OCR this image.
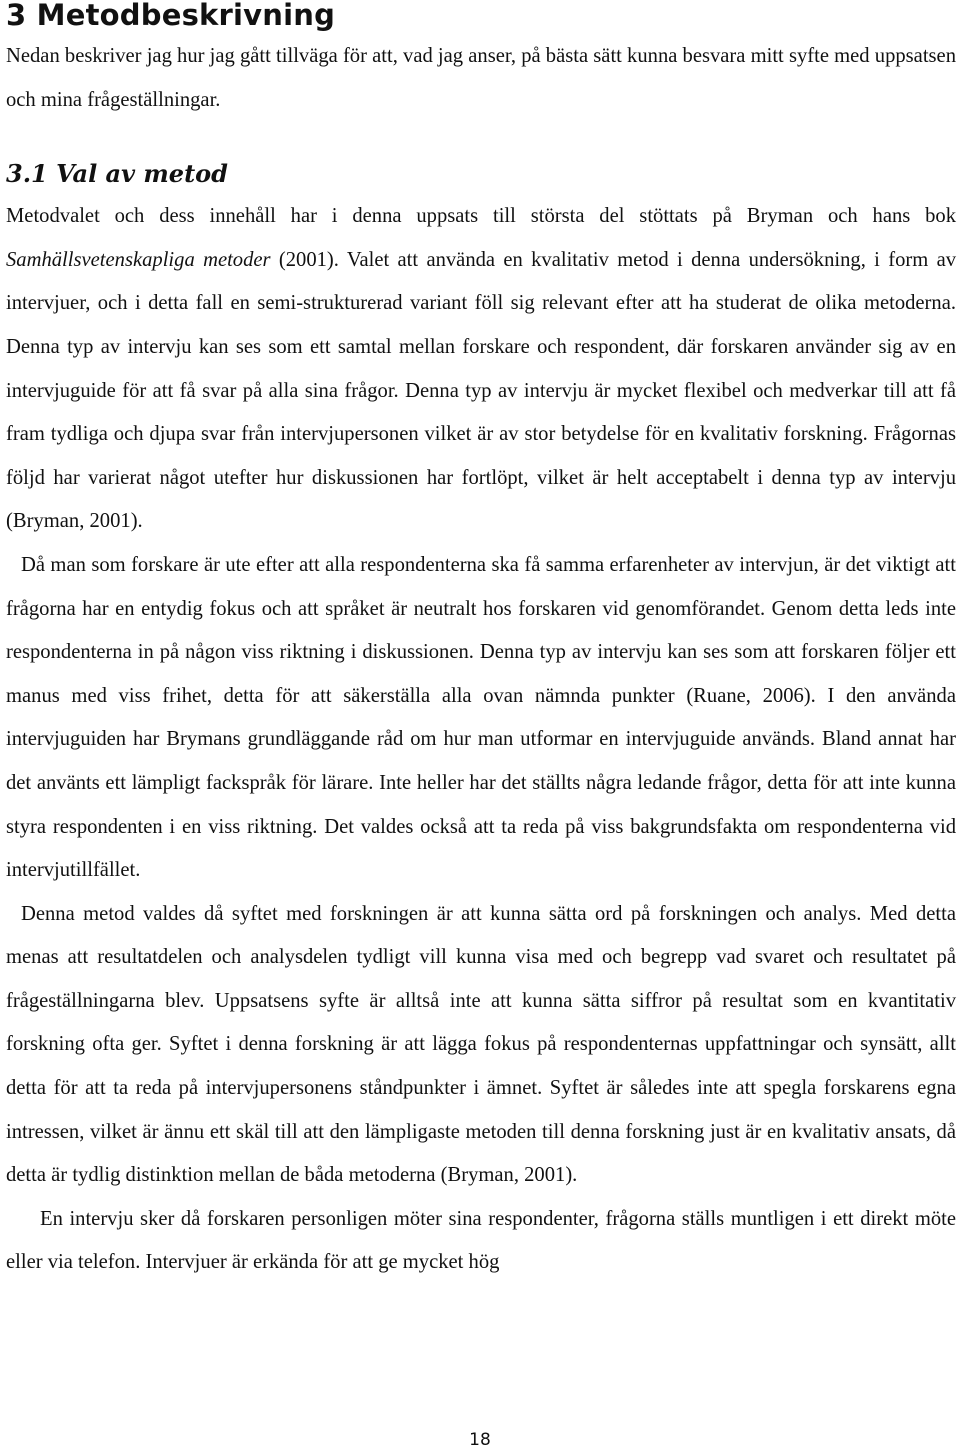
3 Metodbeskrivning

Nedan beskriver jag hur jag gått tillväga för att, vad jag anser, på bästa sätt kunna besvara mitt syfte med uppsatsen och mina frågeställningar.

3.1 Val av metod

Metodvalet och dess innehåll har i denna uppsats till största del stöttats på Bryman och hans bok Samhällsvetenskapliga metoder (2001). Valet att använda en kvalitativ metod i denna undersökning, i form av intervjuer, och i detta fall en semi-strukturerad variant föll sig relevant efter att ha studerat de olika metoderna. Denna typ av intervju kan ses som ett samtal mellan forskare och respondent, där forskaren använder sig av en intervjuguide för att få svar på alla sina frågor. Denna typ av intervju är mycket flexibel och medverkar till att få fram tydliga och djupa svar från intervjupersonen vilket är av stor betydelse för en kvalitativ forskning. Frågornas följd har varierat något utefter hur diskussionen har fortlöpt, vilket är helt acceptabelt i denna typ av intervju (Bryman, 2001).

Då man som forskare är ute efter att alla respondenterna ska få samma erfarenheter av intervjun, är det viktigt att frågorna har en entydig fokus och att språket är neutralt hos forskaren vid genomförandet. Genom detta leds inte respondenterna in på någon viss riktning i diskussionen. Denna typ av intervju kan ses som att forskaren följer ett manus med viss frihet, detta för att säkerställa alla ovan nämnda punkter (Ruane, 2006). I den använda intervjuguiden har Brymans grundläggande råd om hur man utformar en intervjuguide används. Bland annat har det använts ett lämpligt fackspråk för lärare. Inte heller har det ställts några ledande frågor, detta för att inte kunna styra respondenten i en viss riktning. Det valdes också att ta reda på viss bakgrundsfakta om respondenterna vid intervjutillfället.

Denna metod valdes då syftet med forskningen är att kunna sätta ord på forskningen och analys. Med detta menas att resultatdelen och analysdelen tydligt vill kunna visa med och begrepp vad svaret och resultatet på frågeställningarna blev. Uppsatsens syfte är alltså inte att kunna sätta siffror på resultat som en kvantitativ forskning ofta ger. Syftet i denna forskning är att lägga fokus på respondenternas uppfattningar och synsätt, allt detta för att ta reda på intervjupersonens ståndpunkter i ämnet. Syftet är således inte att spegla forskarens egna intressen, vilket är ännu ett skäl till att den lämpligaste metoden till denna forskning just är en kvalitativ ansats, då detta är tydlig distinktion mellan de båda metoderna (Bryman, 2001).

En intervju sker då forskaren personligen möter sina respondenter, frågorna ställs muntligen i ett direkt möte eller via telefon. Intervjuer är erkända för att ge mycket hög

18
